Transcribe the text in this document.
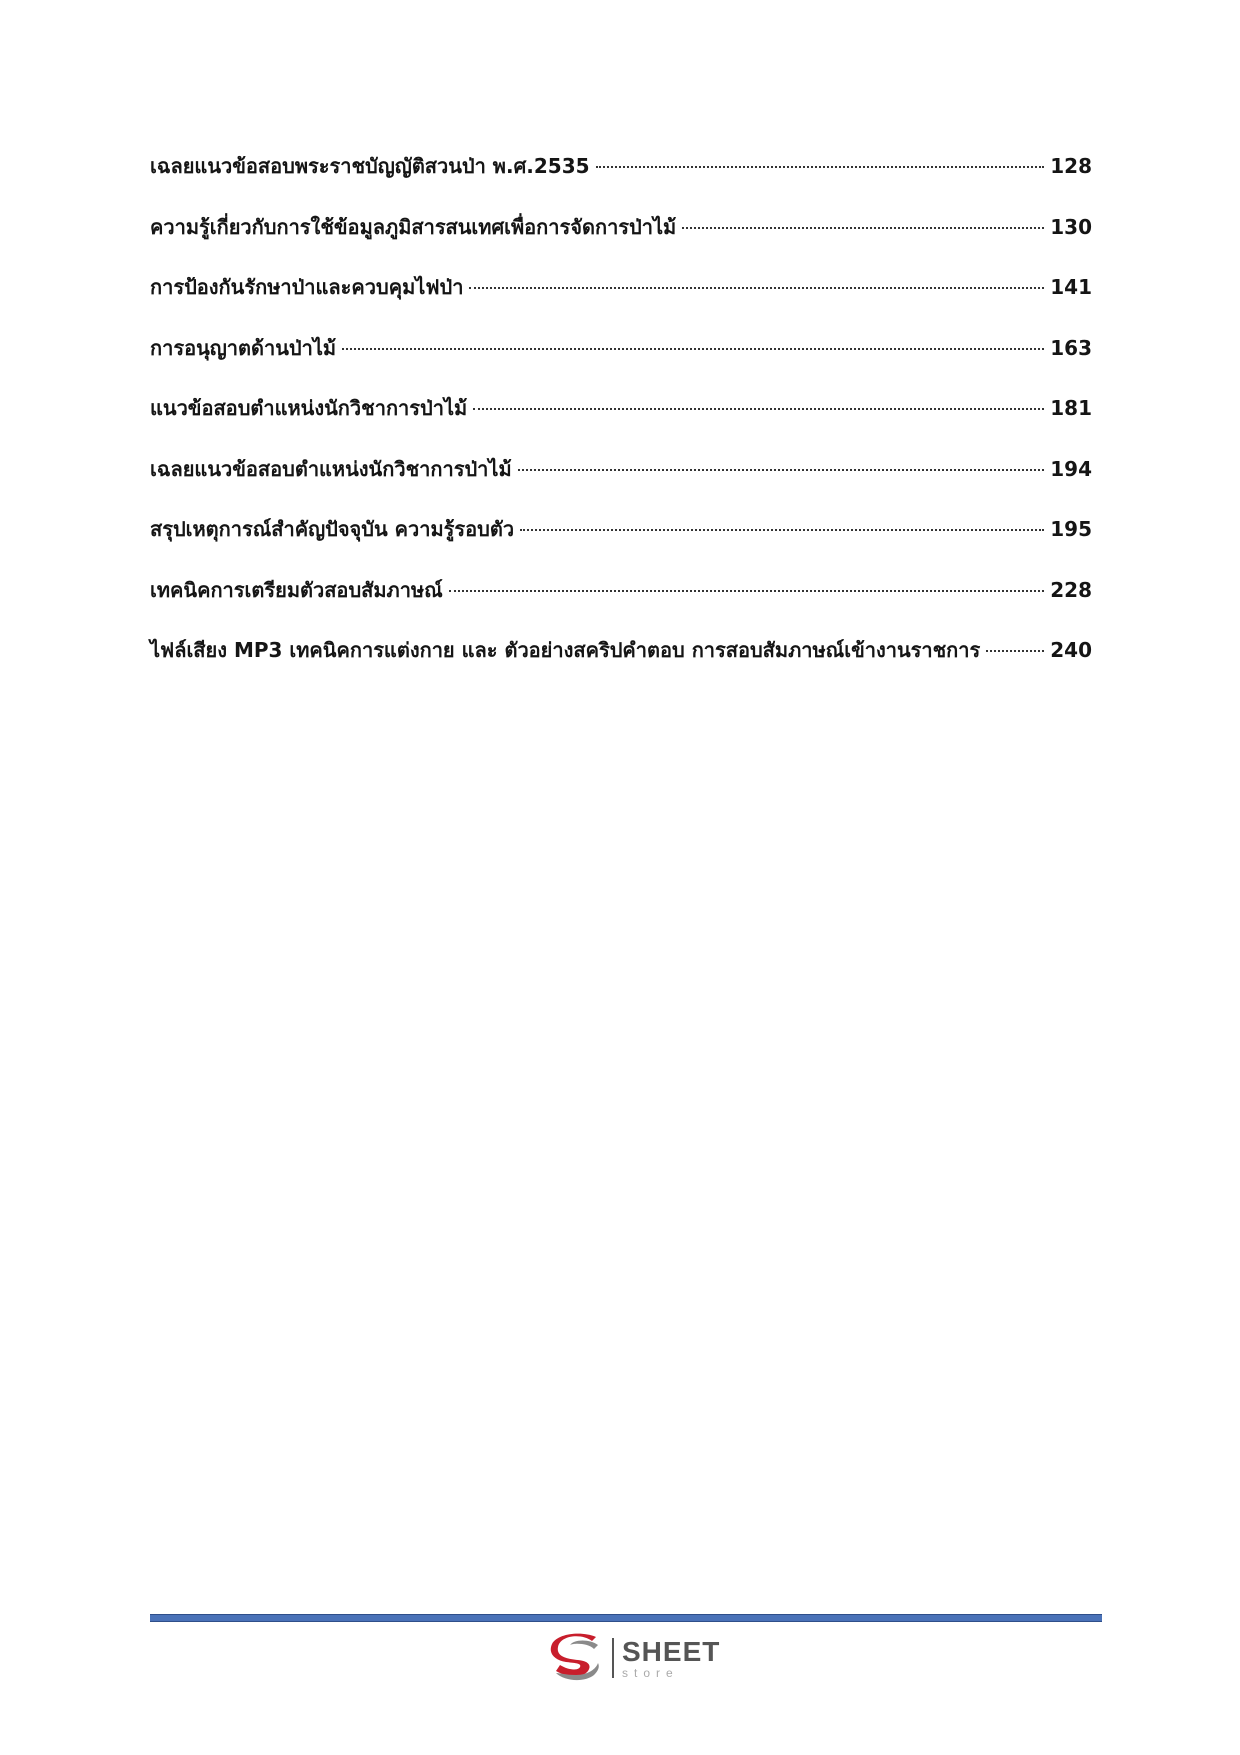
เฉลยแนวข้อสอบพระราชบัญญัติสวนป่า พ.ศ.2535	128
ความรู้เกี่ยวกับการใช้ข้อมูลภูมิสารสนเทศเพื่อการจัดการป่าไม้	130
การป้องกันรักษาป่าและควบคุมไฟป่า	141
การอนุญาตด้านป่าไม้	163
แนวข้อสอบตำแหน่งนักวิชาการป่าไม้	181
เฉลยแนวข้อสอบตำแหน่งนักวิชาการป่าไม้	194
สรุปเหตุการณ์สำคัญปัจจุบัน ความรู้รอบตัว	195
เทคนิคการเตรียมตัวสอบสัมภาษณ์	228
ไฟล์เสียง MP3 เทคนิคการแต่งกาย และ ตัวอย่างสคริปคำตอบ การสอบสัมภาษณ์เข้างานราชการ	240
SHEET
store
